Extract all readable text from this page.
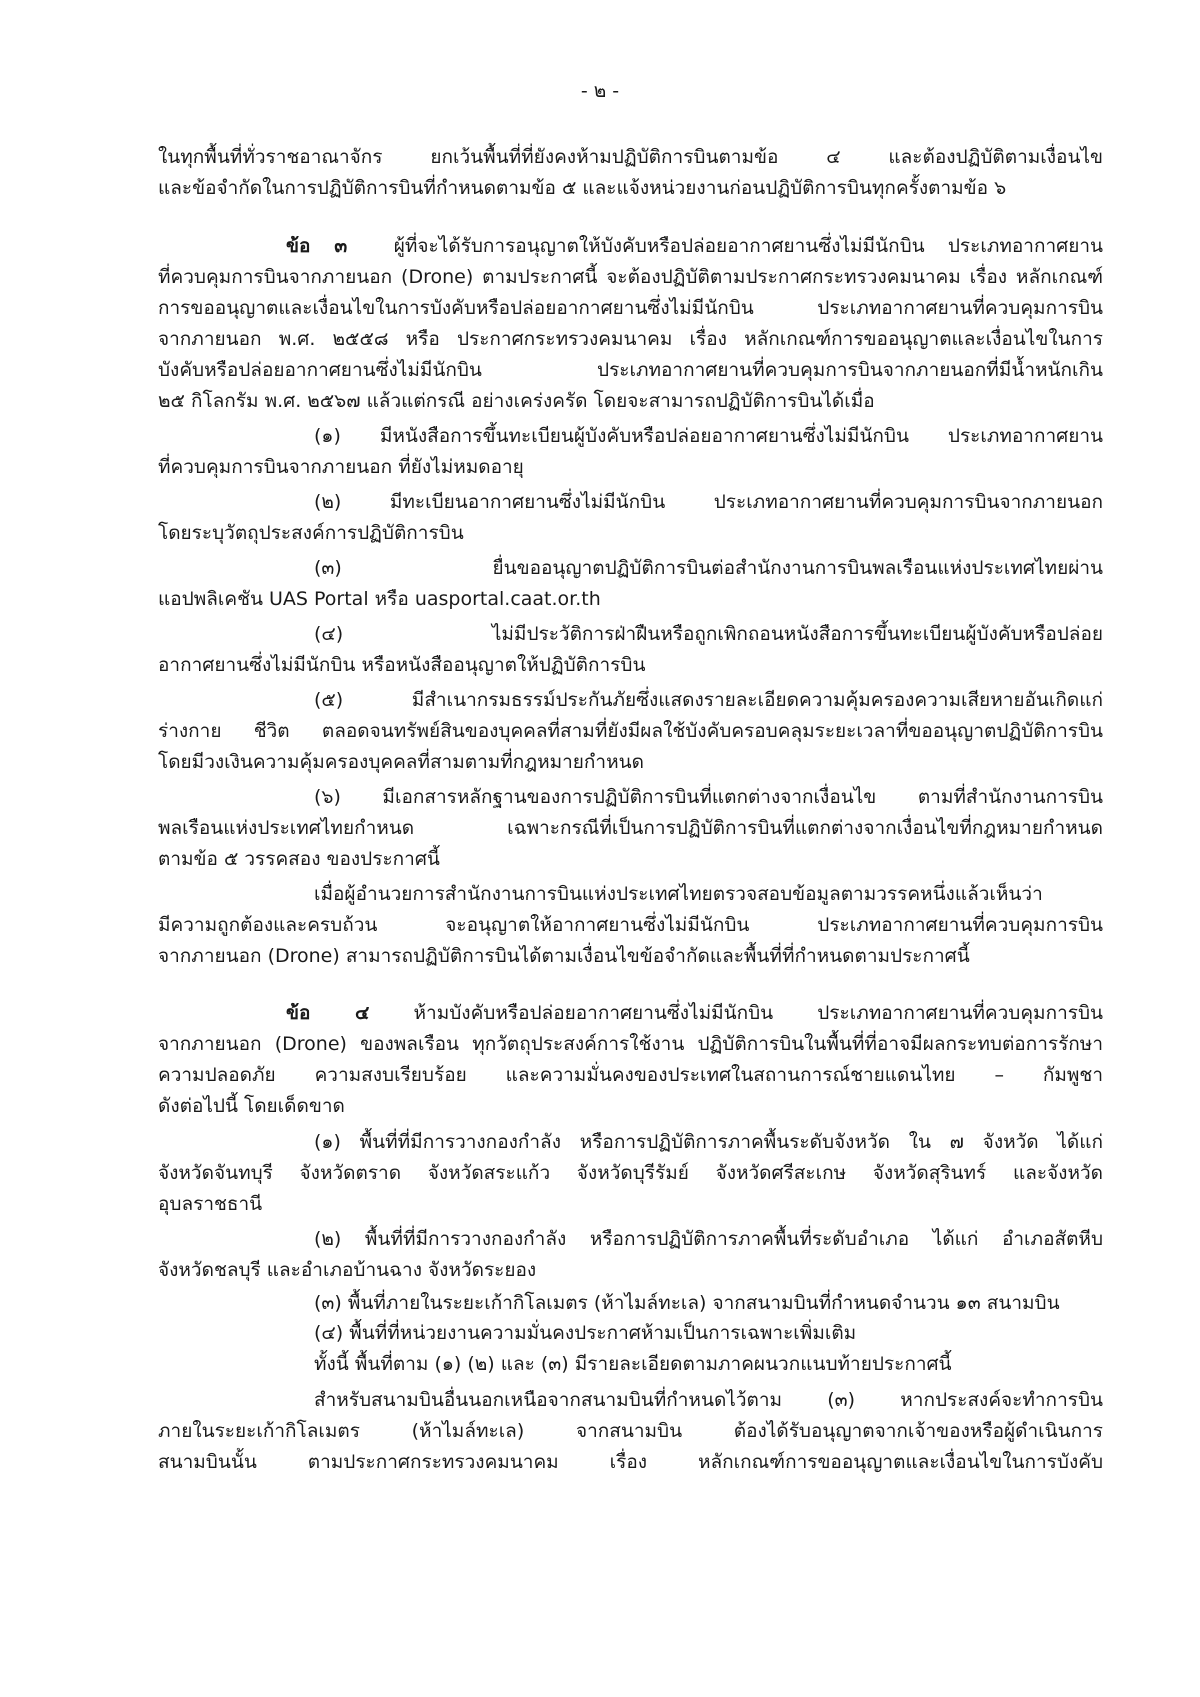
- ๒ -
ในทุกพื้นที่ทั่วราชอาณาจักร ยกเว้นพื้นที่ที่ยังคงห้ามปฏิบัติการบินตามข้อ ๔ และต้องปฏิบัติตามเงื่อนไข
และข้อจำกัดในการปฏิบัติการบินที่กำหนดตามข้อ ๕ และแจ้งหน่วยงานก่อนปฏิบัติการบินทุกครั้งตามข้อ ๖
ข้อ ๓ ผู้ที่จะได้รับการอนุญาตให้บังคับหรือปล่อยอากาศยานซึ่งไม่มีนักบิน ประเภทอากาศยาน
ที่ควบคุมการบินจากภายนอก (Drone) ตามประกาศนี้ จะต้องปฏิบัติตามประกาศกระทรวงคมนาคม เรื่อง หลักเกณฑ์
การขออนุญาตและเงื่อนไขในการบังคับหรือปล่อยอากาศยานซึ่งไม่มีนักบิน ประเภทอากาศยานที่ควบคุมการบิน
จากภายนอก พ.ศ. ๒๕๕๘ หรือ ประกาศกระทรวงคมนาคม เรื่อง หลักเกณฑ์การขออนุญาตและเงื่อนไขในการ
บังคับหรือปล่อยอากาศยานซึ่งไม่มีนักบิน ประเภทอากาศยานที่ควบคุมการบินจากภายนอกที่มีน้ำหนักเกิน
๒๕ กิโลกรัม พ.ศ. ๒๕๖๗ แล้วแต่กรณี อย่างเคร่งครัด โดยจะสามารถปฏิบัติการบินได้เมื่อ
(๑) มีหนังสือการขึ้นทะเบียนผู้บังคับหรือปล่อยอากาศยานซึ่งไม่มีนักบิน ประเภทอากาศยาน
ที่ควบคุมการบินจากภายนอก ที่ยังไม่หมดอายุ
(๒) มีทะเบียนอากาศยานซึ่งไม่มีนักบิน ประเภทอากาศยานที่ควบคุมการบินจากภายนอก
โดยระบุวัตถุประสงค์การปฏิบัติการบิน
(๓) ยื่นขออนุญาตปฏิบัติการบินต่อสำนักงานการบินพลเรือนแห่งประเทศไทยผ่าน
แอปพลิเคชัน UAS Portal หรือ uasportal.caat.or.th
(๔) ไม่มีประวัติการฝ่าฝืนหรือถูกเพิกถอนหนังสือการขึ้นทะเบียนผู้บังคับหรือปล่อย
อากาศยานซึ่งไม่มีนักบิน หรือหนังสืออนุญาตให้ปฏิบัติการบิน
(๕) มีสำเนากรมธรรม์ประกันภัยซึ่งแสดงรายละเอียดความคุ้มครองความเสียหายอันเกิดแก่
ร่างกาย ชีวิต ตลอดจนทรัพย์สินของบุคคลที่สามที่ยังมีผลใช้บังคับครอบคลุมระยะเวลาที่ขออนุญาตปฏิบัติการบิน
โดยมีวงเงินความคุ้มครองบุคคลที่สามตามที่กฎหมายกำหนด
(๖) มีเอกสารหลักฐานของการปฏิบัติการบินที่แตกต่างจากเงื่อนไข ตามที่สำนักงานการบิน
พลเรือนแห่งประเทศไทยกำหนด เฉพาะกรณีที่เป็นการปฏิบัติการบินที่แตกต่างจากเงื่อนไขที่กฎหมายกำหนด
ตามข้อ ๕ วรรคสอง ของประกาศนี้
เมื่อผู้อำนวยการสำนักงานการบินแห่งประเทศไทยตรวจสอบข้อมูลตามวรรคหนึ่งแล้วเห็นว่า
มีความถูกต้องและครบถ้วน จะอนุญาตให้อากาศยานซึ่งไม่มีนักบิน ประเภทอากาศยานที่ควบคุมการบิน
จากภายนอก (Drone) สามารถปฏิบัติการบินได้ตามเงื่อนไขข้อจำกัดและพื้นที่ที่กำหนดตามประกาศนี้
ข้อ ๔ ห้ามบังคับหรือปล่อยอากาศยานซึ่งไม่มีนักบิน ประเภทอากาศยานที่ควบคุมการบิน
จากภายนอก (Drone) ของพลเรือน ทุกวัตถุประสงค์การใช้งาน ปฏิบัติการบินในพื้นที่ที่อาจมีผลกระทบต่อการรักษา
ความปลอดภัย ความสงบเรียบร้อย และความมั่นคงของประเทศในสถานการณ์ชายแดนไทย – กัมพูชา
ดังต่อไปนี้ โดยเด็ดขาด
(๑) พื้นที่ที่มีการวางกองกำลัง หรือการปฏิบัติการภาคพื้นระดับจังหวัด ใน ๗ จังหวัด ได้แก่
จังหวัดจันทบุรี จังหวัดตราด จังหวัดสระแก้ว จังหวัดบุรีรัมย์ จังหวัดศรีสะเกษ จังหวัดสุรินทร์ และจังหวัด
อุบลราชธานี
(๒) พื้นที่ที่มีการวางกองกำลัง หรือการปฏิบัติการภาคพื้นที่ระดับอำเภอ ได้แก่ อำเภอสัตหีบ
จังหวัดชลบุรี และอำเภอบ้านฉาง จังหวัดระยอง
(๓) พื้นที่ภายในระยะเก้ากิโลเมตร (ห้าไมล์ทะเล) จากสนามบินที่กำหนดจำนวน ๑๓ สนามบิน
(๔) พื้นที่ที่หน่วยงานความมั่นคงประกาศห้ามเป็นการเฉพาะเพิ่มเติม
ทั้งนี้ พื้นที่ตาม (๑) (๒) และ (๓) มีรายละเอียดตามภาคผนวกแนบท้ายประกาศนี้
สำหรับสนามบินอื่นนอกเหนือจากสนามบินที่กำหนดไว้ตาม (๓) หากประสงค์จะทำการบิน
ภายในระยะเก้ากิโลเมตร (ห้าไมล์ทะเล) จากสนามบิน ต้องได้รับอนุญาตจากเจ้าของหรือผู้ดำเนินการ
สนามบินนั้น ตามประกาศกระทรวงคมนาคม เรื่อง หลักเกณฑ์การขออนุญาตและเงื่อนไขในการบังคับ
